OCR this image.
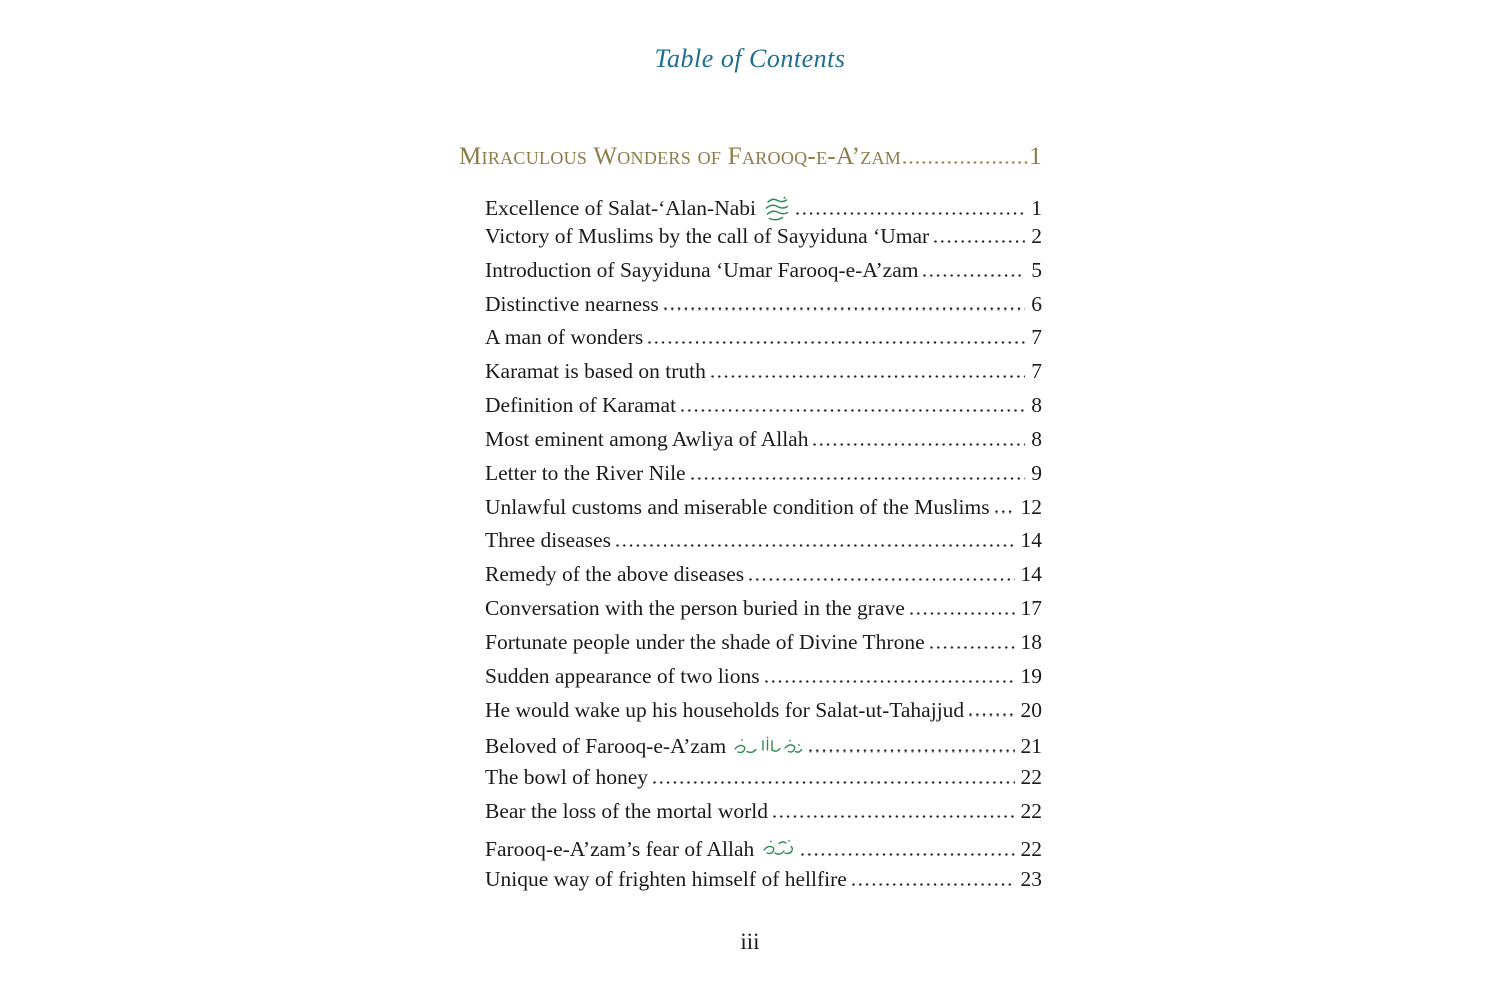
Table of Contents
Miraculous Wonders of Farooq-e-A’zam	1
Excellence of Salat-‘Alan-Nabi	1
Victory of Muslims by the call of Sayyiduna ‘Umar	2
Introduction of Sayyiduna ‘Umar Farooq-e-A’zam	5
Distinctive nearness	6
A man of wonders	7
Karamat is based on truth	7
Definition of Karamat	8
Most eminent among Awliya of Allah	8
Letter to the River Nile	9
Unlawful customs and miserable condition of the Muslims 12
Three diseases	14
Remedy of the above diseases	14
Conversation with the person buried in the grave	17
Fortunate people under the shade of Divine Throne	18
Sudden appearance of two lions	19
He would wake up his households for Salat-ut-Tahajjud	20
Beloved of Farooq-e-A’zam	21
The bowl of honey	22
Bear the loss of the mortal world	22
Farooq-e-A’zam’s fear of Allah	22
Unique way of frighten himself of hellfire	23
iii
